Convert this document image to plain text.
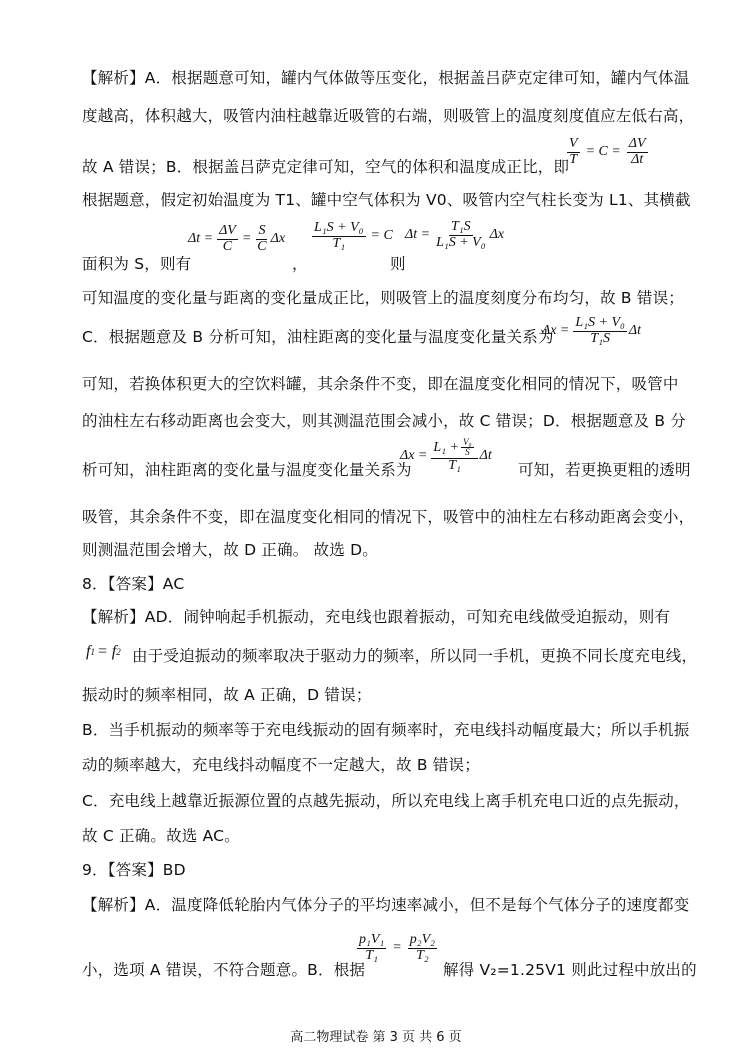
【解析】A．根据题意可知，罐内气体做等压变化，根据盖吕萨克定律可知，罐内气体温
度越高，体积越大，吸管内油柱越靠近吸管的右端，则吸管上的温度刻度值应左低右高，
$\frac{V}{T} = C = \frac{\Delta V}{\Delta t}$
故 A 错误；B．根据盖吕萨克定律可知，空气的体积和温度成正比，即
根据题意，假定初始温度为 T1、罐中空气体积为 V0、吸管内空气柱长变为 L1、其横截
面积为 S，则有
$\Delta t = \frac{\Delta V}{C} = \frac{S}{C}$ Δx
，
$\frac{\text{L₁S + V₀}}{\text{T₁}} = C$
则
$\Delta t = \frac{\text{T₁S}}{\text{L₁S + V₀}}$ Δx
可知温度的变化量与距离的变化量成正比，则吸管上的温度刻度分布均匀，故 B 错误；
C．根据题意及 B 分析可知，油柱距离的变化量与温度变化量关系为
$\Delta x = \frac{\text{L₁S + V₀}}{\text{T₁S}}$ Δt
可知，若换体积更大的空饮料罐，其余条件不变，即在温度变化相同的情况下，吸管中
的油柱左右移动距离也会变大，则其测温范围会减小，故 C 错误；D．根据题意及 B 分
析可知，油柱距离的变化量与温度变化量关系为
$\Delta x = \frac{L_1 + \frac{\text{V₀}}{S}}{\text{T₁}}$ Δt
可知，若更换更粗的透明
吸管，其余条件不变，即在温度变化相同的情况下，吸管中的油柱左右移动距离会变小，
则测温范围会增大，故 D 正确。 故选 D。
8．【答案】AC
【解析】AD．闹钟响起手机振动，充电线也跟着振动，可知充电线做受迫振动，则有
f 1 = f 2 由于受迫振动的频率取决于驱动力的频率，所以同一手机，更换不同长度充电线，
振动时的频率相同，故 A 正确，D 错误；
B．当手机振动的频率等于充电线振动的固有频率时，充电线抖动幅度最大；所以手机振
动的频率越大，充电线抖动幅度不一定越大，故 B 错误；
C．充电线上越靠近振源位置的点越先振动，所以充电线上离手机充电口近的点先振动，
故 C 正确。故选 AC。
9．【答案】BD
【解析】A．温度降低轮胎内气体分子的平均速率减小，但不是每个气体分子的速度都变
$\frac{\text{p₁V₁}}{\text{T₁}} = \frac{\text{p₂V₂}}{\text{T₂}}$
小，选项 A 错误，不符合题意。B．根据	解得 V₂=1.25V1 则此过程中放出的
高二物理试卷 第 3 页 共 6 页
